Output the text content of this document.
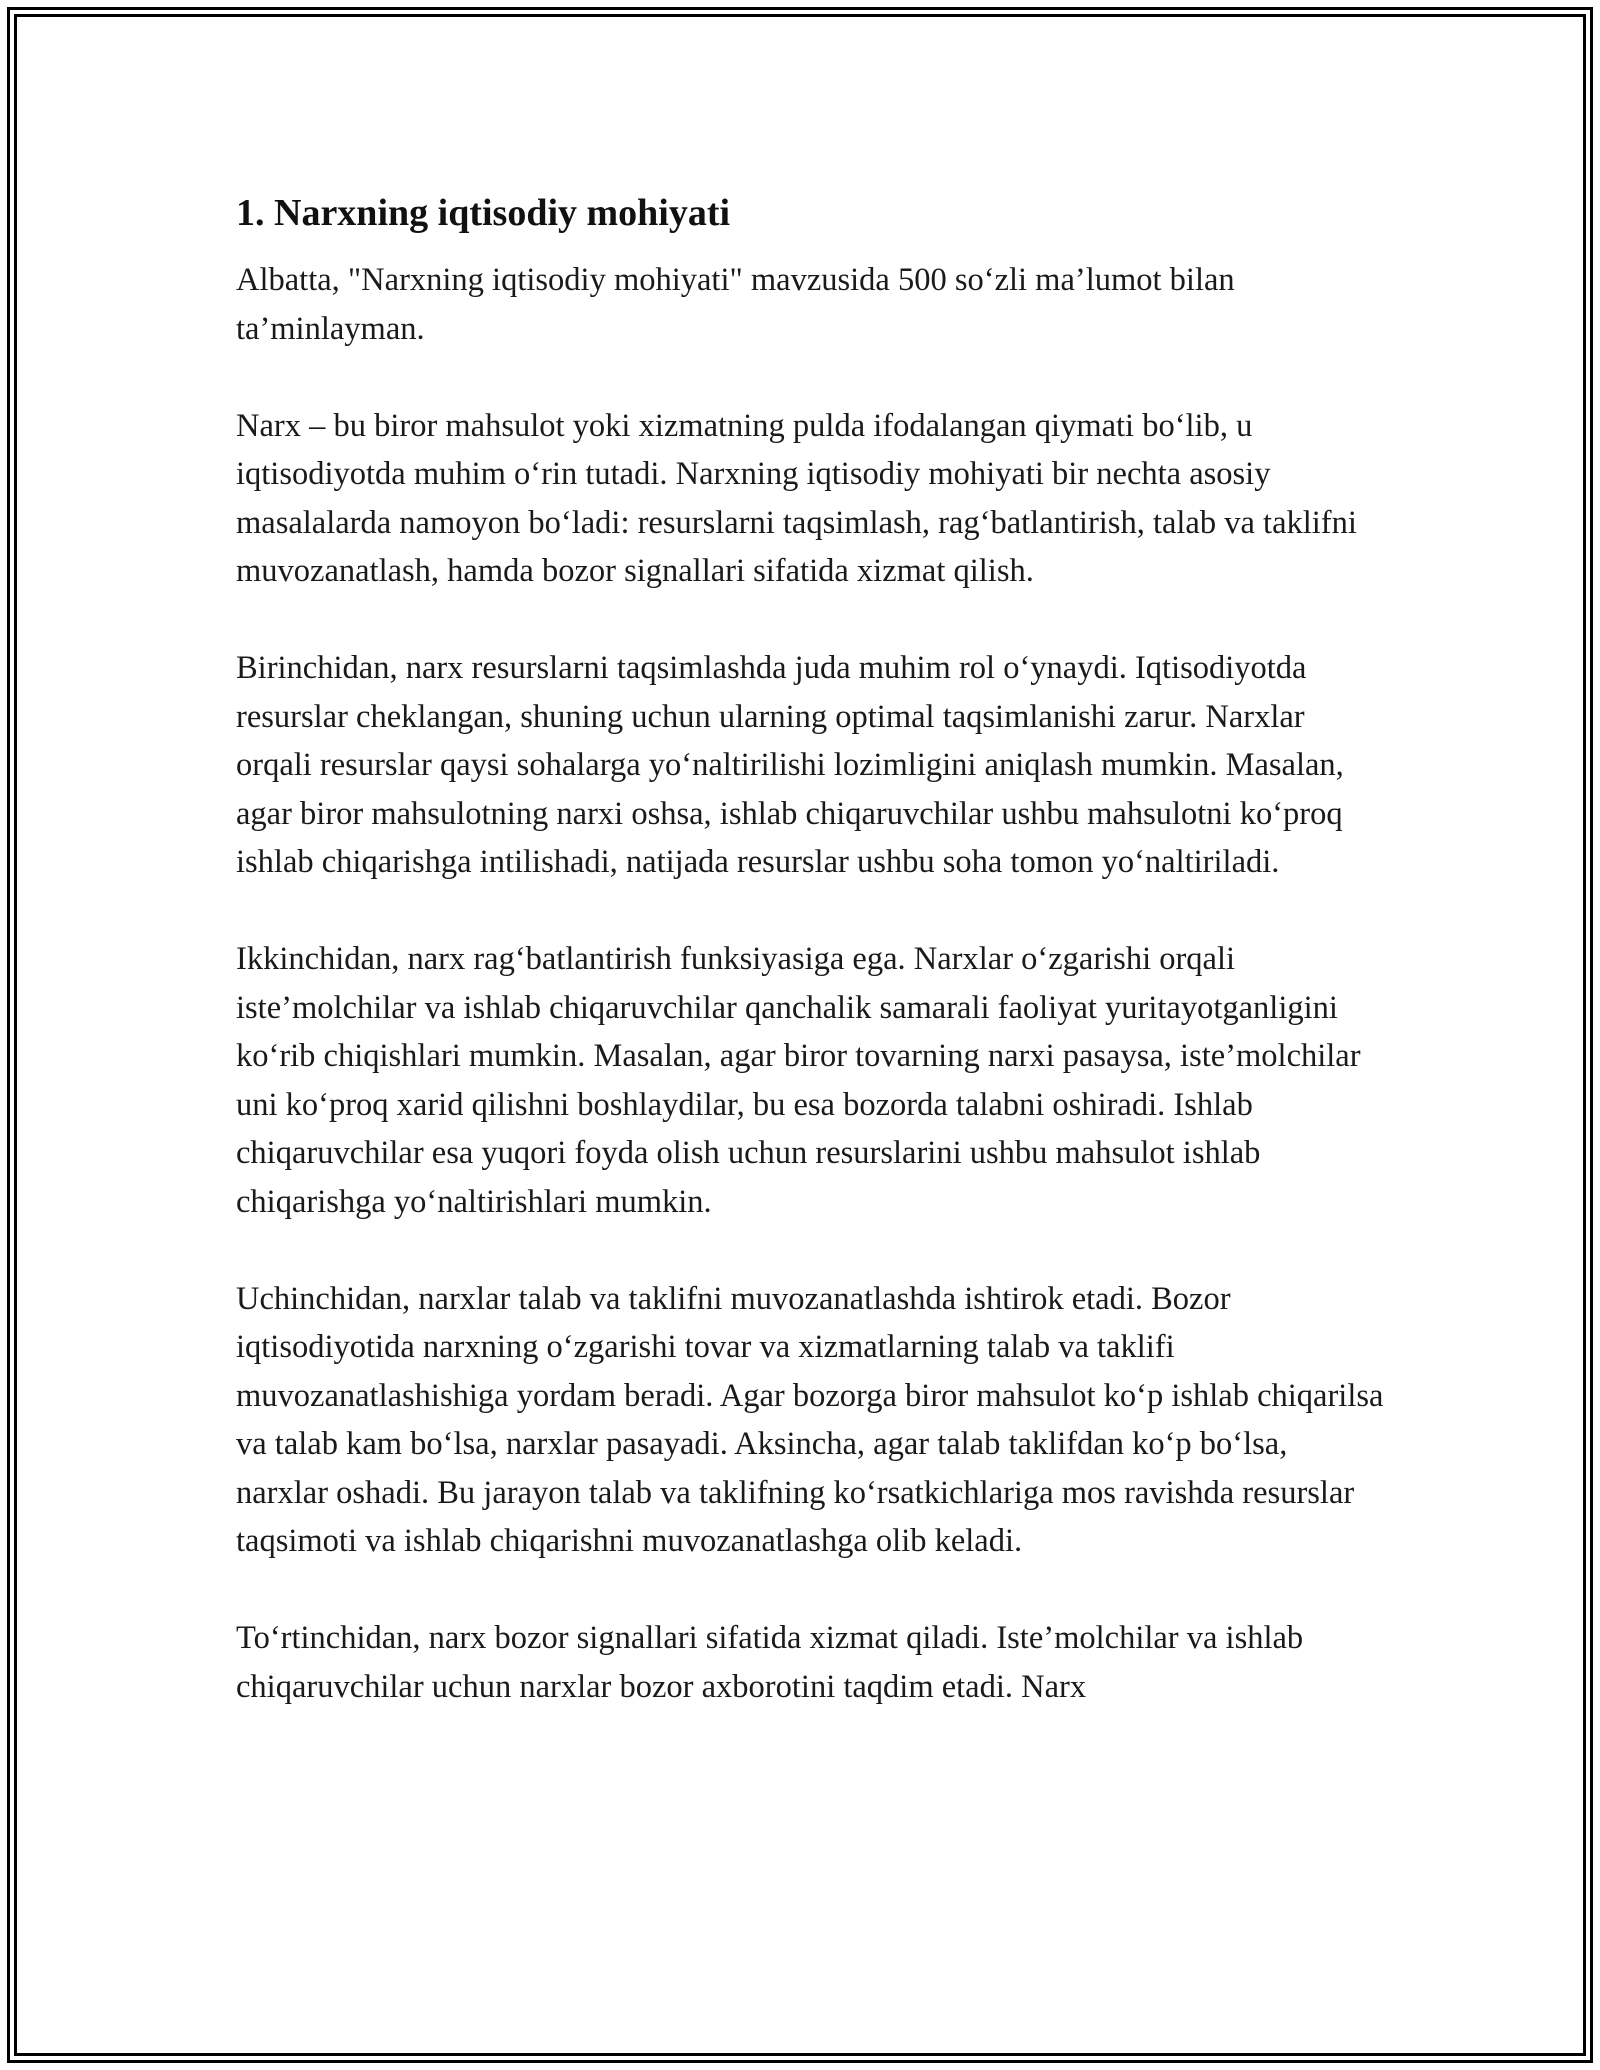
1. Narxning iqtisodiy mohiyati

Albatta, "Narxning iqtisodiy mohiyati" mavzusida 500 so‘zli ma’lumot bilan ta’minlayman.

Narx – bu biror mahsulot yoki xizmatning pulda ifodalangan qiymati bo‘lib, u iqtisodiyotda muhim o‘rin tutadi. Narxning iqtisodiy mohiyati bir nechta asosiy masalalarda namoyon bo‘ladi: resurslarni taqsimlash, rag‘batlantirish, talab va taklifni muvozanatlash, hamda bozor signallari sifatida xizmat qilish.

Birinchidan, narx resurslarni taqsimlashda juda muhim rol o‘ynaydi. Iqtisodiyotda resurslar cheklangan, shuning uchun ularning optimal taqsimlanishi zarur. Narxlar orqali resurslar qaysi sohalarga yo‘naltirilishi lozimligini aniqlash mumkin. Masalan, agar biror mahsulotning narxi oshsa, ishlab chiqaruvchilar ushbu mahsulotni ko‘proq ishlab chiqarishga intilishadi, natijada resurslar ushbu soha tomon yo‘naltiriladi.

Ikkinchidan, narx rag‘batlantirish funksiyasiga ega. Narxlar o‘zgarishi orqali iste’molchilar va ishlab chiqaruvchilar qanchalik samarali faoliyat yuritayotganligini ko‘rib chiqishlari mumkin. Masalan, agar biror tovarning narxi pasaysa, iste’molchilar uni ko‘proq xarid qilishni boshlaydilar, bu esa bozorda talabni oshiradi. Ishlab chiqaruvchilar esa yuqori foyda olish uchun resurslarini ushbu mahsulot ishlab chiqarishga yo‘naltirishlari mumkin.

Uchinchidan, narxlar talab va taklifni muvozanatlashda ishtirok etadi. Bozor iqtisodiyotida narxning o‘zgarishi tovar va xizmatlarning talab va taklifi muvozanatlashishiga yordam beradi. Agar bozorga biror mahsulot ko‘p ishlab chiqarilsa va talab kam bo‘lsa, narxlar pasayadi. Aksincha, agar talab taklifdan ko‘p bo‘lsa, narxlar oshadi. Bu jarayon talab va taklifning ko‘rsatkichlariga mos ravishda resurslar taqsimoti va ishlab chiqarishni muvozanatlashga olib keladi.

To‘rtinchidan, narx bozor signallari sifatida xizmat qiladi. Iste’molchilar va ishlab chiqaruvchilar uchun narxlar bozor axborotini taqdim etadi. Narx
